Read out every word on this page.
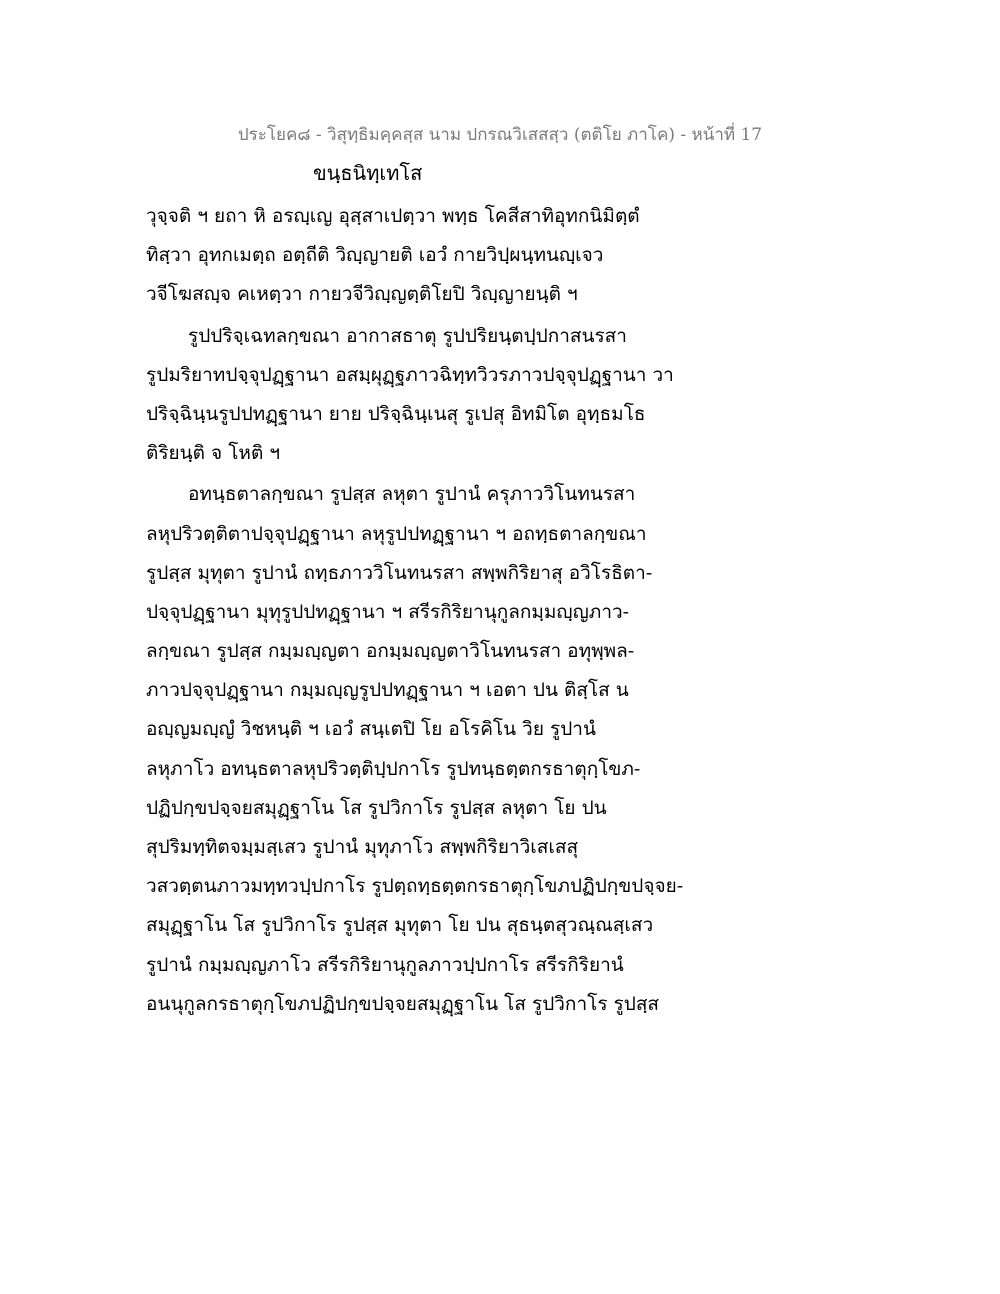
ประโยค๘ - วิสุทฺธิมคฺคสฺส นาม ปกรณวิเสสสฺว (ตติโย ภาโค) - หน้าที่ 17
ขนฺธนิทฺเทโส
วุจฺจติ ฯ ยถา หิ อรญฺเญ อุสฺสาเปตฺวา พทฺธ โคสีสาทิอุทกนิมิตฺตํ
ทิสฺวา อุทกเมตฺถ อตฺถีติ วิญฺญายติ เอวํ กายวิปฺผนฺทนญฺเจว
วจีโฆสญฺจ คเหตฺวา กายวจีวิญฺญตฺติโยปิ วิญฺญายนฺติ ฯ
รูปปริจฺเฉทลกฺขณา อากาสธาตุ รูปปริยนฺตปฺปกาสนรสา
รูปมริยาทปจฺจุปฏฺฐานา อสมฺผุฏฺฐภาวฉิทฺทวิวรภาวปจฺจุปฏฺฐานา วา
ปริจฺฉินฺนรูปปทฏฺฐานา ยาย ปริจฺฉินฺเนสุ รูเปสุ อิทมิโต อุทฺธมโธ
ติริยนฺติ จ โหติ ฯ
อทนฺธตาลกฺขณา รูปสฺส ลหุตา รูปานํ ครุภาววิโนทนรสา
ลหุปริวตฺติตาปจฺจุปฏฺฐานา ลหุรูปปทฏฺฐานา ฯ อถทฺธตาลกฺขณา
รูปสฺส มุทุตา รูปานํ ถทฺธภาววิโนทนรสา สพฺพกิริยาสุ อวิโรธิตา-
ปจฺจุปฏฺฐานา มุทุรูปปทฏฺฐานา ฯ สรีรกิริยานุกูลกมฺมญฺญภาว-
ลกฺขณา รูปสฺส กมฺมญฺญตา อกมฺมญฺญตาวิโนทนรสา อทุพฺพล-
ภาวปจฺจุปฏฺฐานา กมฺมญฺญรูปปทฏฺฐานา ฯ เอตา ปน ติสฺโส น
อญฺญมญฺญํ วิชหนฺติ ฯ เอวํ สนฺเตปิ โย อโรคิโน วิย รูปานํ
ลหุภาโว อทนฺธตาลหุปริวตฺติปฺปกาโร รูปทนฺธตฺตกรธาตุกฺโขภ-
ปฏิปกฺขปจฺจยสมุฏฺฐาโน โส รูปวิกาโร รูปสฺส ลหุตา โย ปน
สุปริมทฺทิตจมฺมสฺเสว รูปานํ มุทุภาโว สพฺพกิริยาวิเสเสสุ
วสวตฺตนภาวมทฺทวปฺปกาโร รูปตฺถทฺธตฺตกรธาตุกฺโขภปฏิปกฺขปจฺจย-
สมุฏฺฐาโน โส รูปวิกาโร รูปสฺส มุทุตา โย ปน สุธนฺตสุวณฺณสฺเสว
รูปานํ กมฺมญฺญภาโว สรีรกิริยานุกูลภาวปฺปกาโร สรีรกิริยานํ
อนนุกูลกรธาตุกฺโขภปฏิปกฺขปจฺจยสมุฏฺฐาโน โส รูปวิกาโร รูปสฺส
